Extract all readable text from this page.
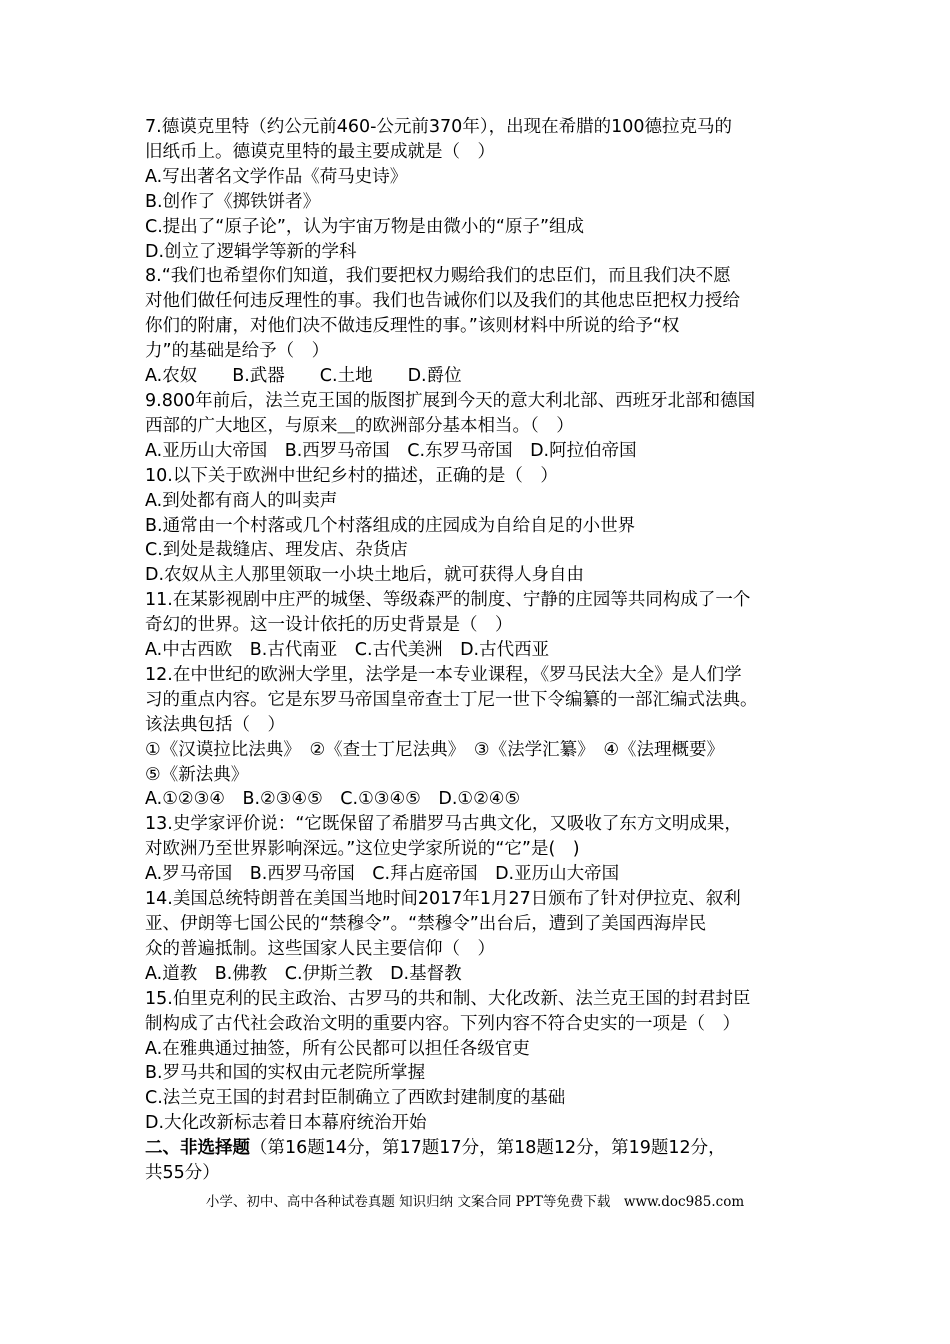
7.德谟克里特（约公元前460-公元前370年），出现在希腊的100德拉克马的

旧纸币上。德谟克里特的最主要成就是（　）

A.写出著名文学作品《荷马史诗》

B.创作了《掷铁饼者》

C.提出了“原子论”，认为宇宙万物是由微小的“原子”组成

D.创立了逻辑学等新的学科

8.“我们也希望你们知道，我们要把权力赐给我们的忠臣们，而且我们决不愿

对他们做任何违反理性的事。我们也告诫你们以及我们的其他忠臣把权力授给

你们的附庸，对他们决不做违反理性的事。”该则材料中所说的给予“权

力”的基础是给予（　）

A.农奴　　B.武器　　C.土地　　D.爵位

9.800年前后，法兰克王国的版图扩展到今天的意大利北部、西班牙北部和德国

西部的广大地区，与原来＿的欧洲部分基本相当。（　）

A.亚历山大帝国　B.西罗马帝国　C.东罗马帝国　D.阿拉伯帝国

10.以下关于欧洲中世纪乡村的描述，正确的是（　）

A.到处都有商人的叫卖声

B.通常由一个村落或几个村落组成的庄园成为自给自足的小世界

C.到处是裁缝店、理发店、杂货店

D.农奴从主人那里领取一小块土地后，就可获得人身自由

11.在某影视剧中庄严的城堡、等级森严的制度、宁静的庄园等共同构成了一个

奇幻的世界。这一设计依托的历史背景是（　）

A.中古西欧　B.古代南亚　C.古代美洲　D.古代西亚

12.在中世纪的欧洲大学里，法学是一本专业课程，《罗马民法大全》是人们学

习的重点内容。它是东罗马帝国皇帝查士丁尼一世下令编纂的一部汇编式法典。

该法典包括（　）

①《汉谟拉比法典》　②《查士丁尼法典》　③《法学汇纂》　④《法理概要》

⑤《新法典》

A.①②③④　B.②③④⑤　C.①③④⑤　D.①②④⑤

13.史学家评价说：“它既保留了希腊罗马古典文化，又吸收了东方文明成果，

对欧洲乃至世界影响深远。”这位史学家所说的“它”是(　)

A.罗马帝国　B.西罗马帝国　C.拜占庭帝国　D.亚历山大帝国

14.美国总统特朗普在美国当地时间2017年1月27日颁布了针对伊拉克、叙利

亚、伊朗等七国公民的“禁穆令”。“禁穆令”出台后，遭到了美国西海岸民

众的普遍抵制。这些国家人民主要信仰（　）

A.道教　B.佛教　C.伊斯兰教　D.基督教

15.伯里克利的民主政治、古罗马的共和制、大化改新、法兰克王国的封君封臣

制构成了古代社会政治文明的重要内容。下列内容不符合史实的一项是（　）

A.在雅典通过抽签，所有公民都可以担任各级官吏

B.罗马共和国的实权由元老院所掌握

C.法兰克王国的封君封臣制确立了西欧封建制度的基础

D.大化改新标志着日本幕府统治开始

二、非选择题（第16题14分，第17题17分，第18题12分，第19题12分，

共55分）

小学、初中、高中各种试卷真题 知识归纳 文案合同 PPT等免费下载　www.doc985.com
